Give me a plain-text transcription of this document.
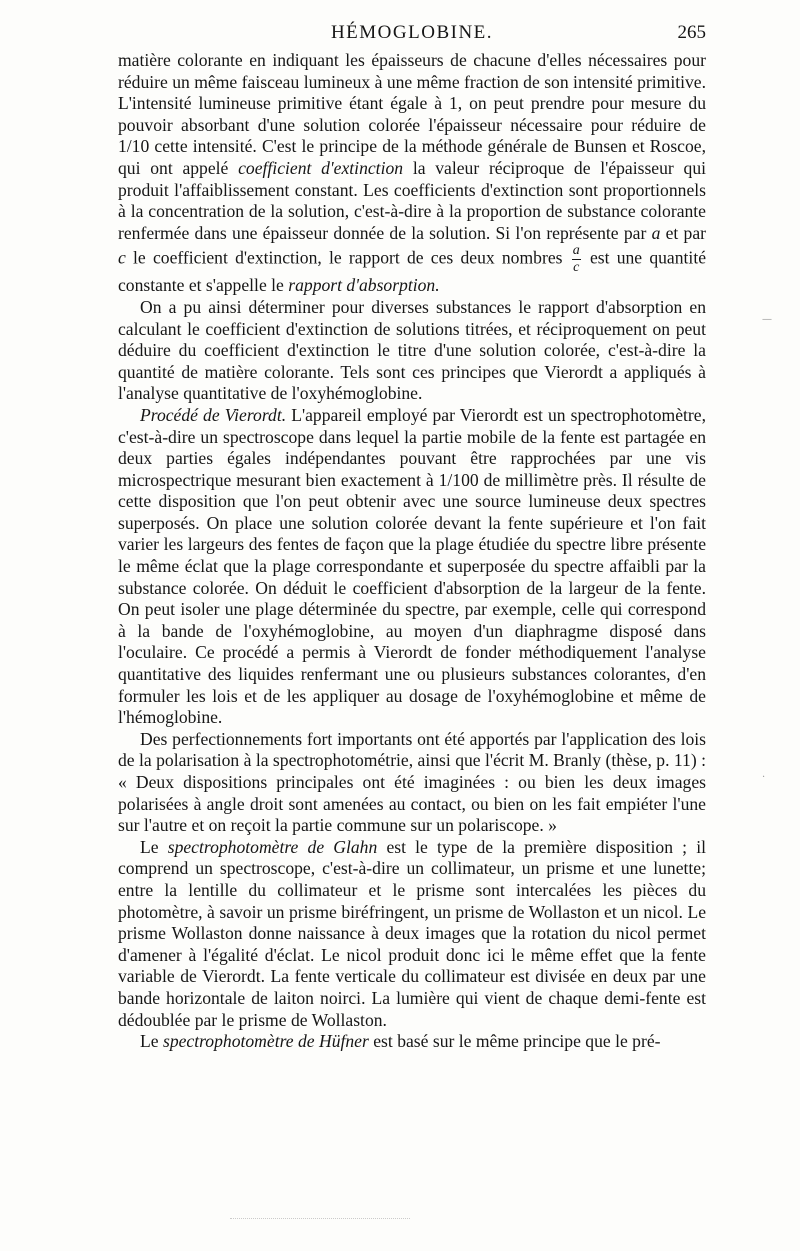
HÉMOGLOBINE.	265

matière colorante en indiquant les épaisseurs de chacune d'elles nécessaires pour réduire un même faisceau lumineux à une même fraction de son intensité primitive. L'intensité lumineuse primitive étant égale à 1, on peut prendre pour mesure du pouvoir absorbant d'une solution colorée l'épaisseur nécessaire pour réduire de 1/10 cette intensité. C'est le principe de la méthode générale de Bunsen et Roscoe, qui ont appelé coefficient d'extinction la valeur réciproque de l'épaisseur qui produit l'affaiblissement constant. Les coefficients d'extinction sont proportionnels à la concentration de la solution, c'est-à-dire à la proportion de substance colorante renfermée dans une épaisseur donnée de la solution. Si l'on représente par a et par c le coefficient d'extinction, le rapport de ces deux nombres $\frac{a}{c}$ est une quantité constante et s'appelle le rapport d'absorption.

On a pu ainsi déterminer pour diverses substances le rapport d'absorption en calculant le coefficient d'extinction de solutions titrées, et réciproquement on peut déduire du coefficient d'extinction le titre d'une solution colorée, c'est-à-dire la quantité de matière colorante. Tels sont ces principes que Vierordt a appliqués à l'analyse quantitative de l'oxyhémoglobine.

Procédé de Vierordt. L'appareil employé par Vierordt est un spectrophotomètre, c'est-à-dire un spectroscope dans lequel la partie mobile de la fente est partagée en deux parties égales indépendantes pouvant être rapprochées par une vis microspectrique mesurant bien exactement à 1/100 de millimètre près. Il résulte de cette disposition que l'on peut obtenir avec une source lumineuse deux spectres superposés. On place une solution colorée devant la fente supérieure et l'on fait varier les largeurs des fentes de façon que la plage étudiée du spectre libre présente le même éclat que la plage correspondante et superposée du spectre affaibli par la substance colorée. On déduit le coefficient d'absorption de la largeur de la fente. On peut isoler une plage déterminée du spectre, par exemple, celle qui correspond à la bande de l'oxyhémoglobine, au moyen d'un diaphragme disposé dans l'oculaire. Ce procédé a permis à Vierordt de fonder méthodiquement l'analyse quantitative des liquides renfermant une ou plusieurs substances colorantes, d'en formuler les lois et de les appliquer au dosage de l'oxyhémoglobine et même de l'hémoglobine.

Des perfectionnements fort importants ont été apportés par l'application des lois de la polarisation à la spectrophotométrie, ainsi que l'écrit M. Branly (thèse, p. 11) : « Deux dispositions principales ont été imaginées : ou bien les deux images polarisées à angle droit sont amenées au contact, ou bien on les fait empiéter l'une sur l'autre et on reçoit la partie commune sur un polariscope. »

Le spectrophotomètre de Glahn est le type de la première disposition ; il comprend un spectroscope, c'est-à-dire un collimateur, un prisme et une lunette; entre la lentille du collimateur et le prisme sont intercalées les pièces du photomètre, à savoir un prisme biréfringent, un prisme de Wollaston et un nicol. Le prisme Wollaston donne naissance à deux images que la rotation du nicol permet d'amener à l'égalité d'éclat. Le nicol produit donc ici le même effet que la fente variable de Vierordt. La fente verticale du collimateur est divisée en deux par une bande horizontale de laiton noirci. La lumière qui vient de chaque demi-fente est dédoublée par le prisme de Wollaston.

Le spectrophotomètre de Hüfner est basé sur le même principe que le pré-

—
·
